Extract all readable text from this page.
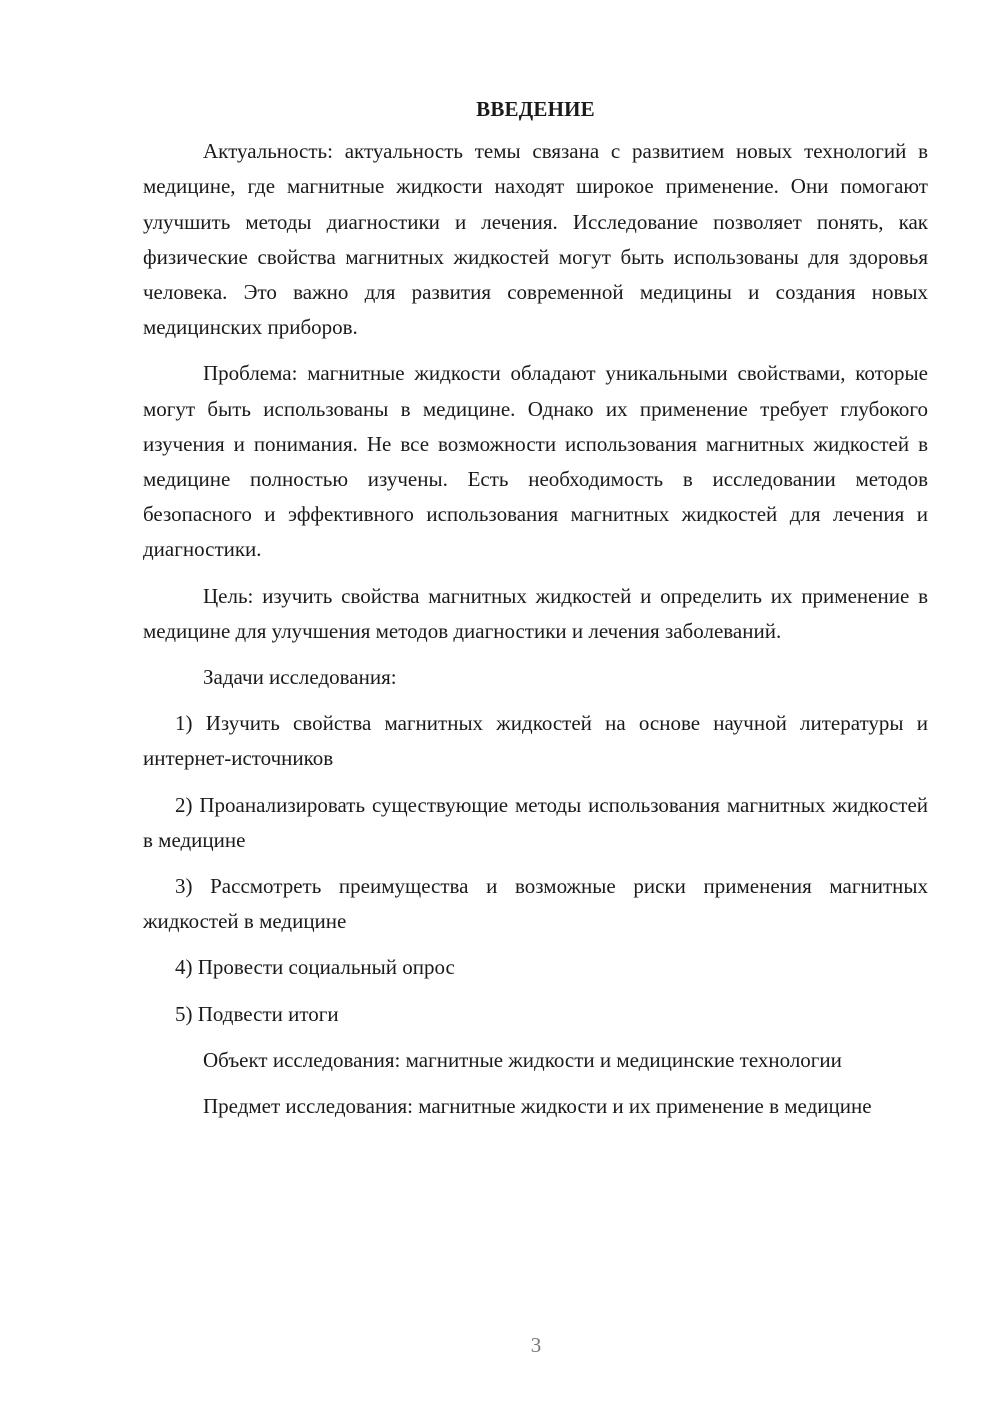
ВВЕДЕНИЕ

Актуальность: актуальность темы связана с развитием новых технологий в медицине, где магнитные жидкости находят широкое применение. Они помогают улучшить методы диагностики и лечения. Исследование позволяет понять, как физические свойства магнитных жидкостей могут быть использованы для здоровья человека. Это важно для развития современной медицины и создания новых медицинских приборов.

Проблема: магнитные жидкости обладают уникальными свойствами, которые могут быть использованы в медицине. Однако их применение требует глубокого изучения и понимания. Не все возможности использования магнитных жидкостей в медицине полностью изучены. Есть необходимость в исследовании методов безопасного и эффективного использования магнитных жидкостей для лечения и диагностики.

Цель: изучить свойства магнитных жидкостей и определить их применение в медицине для улучшения методов диагностики и лечения заболеваний.

Задачи исследования:

1) Изучить свойства магнитных жидкостей на основе научной литературы и интернет-источников

2) Проанализировать существующие методы использования магнитных жидкостей в медицине

3) Рассмотреть преимущества и возможные риски применения магнитных жидкостей в медицине

4) Провести социальный опрос

5) Подвести итоги

Объект исследования: магнитные жидкости и медицинские технологии

Предмет исследования: магнитные жидкости и их применение в медицине

3
